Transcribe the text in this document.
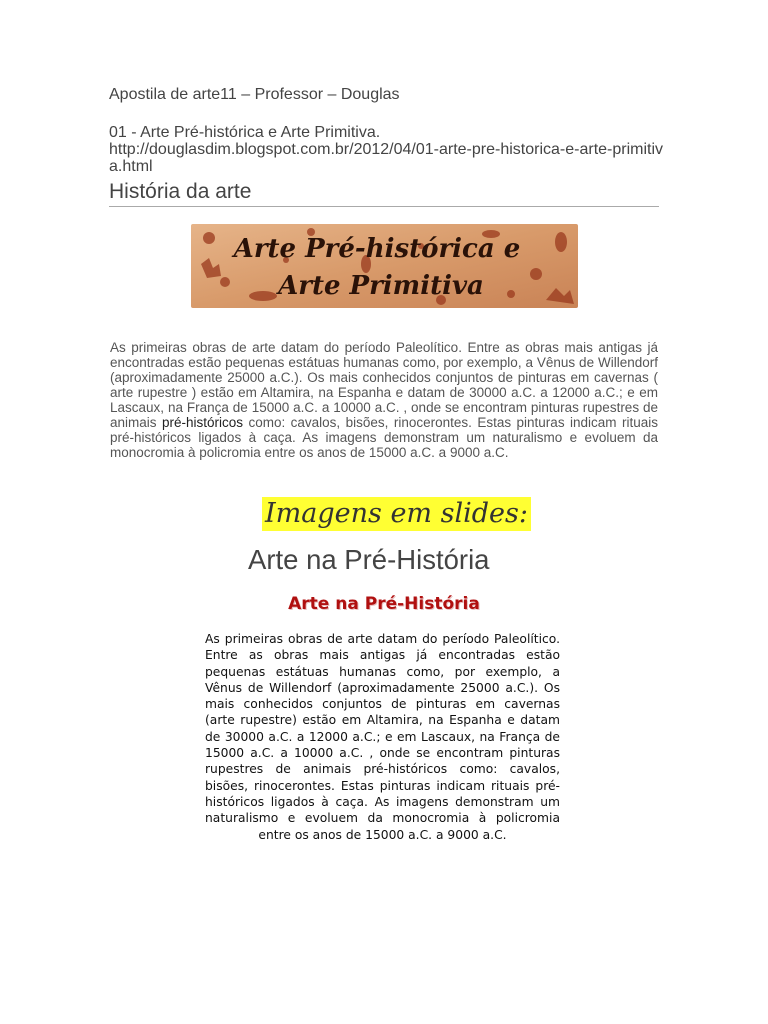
Apostila de arte11 – Professor – Douglas
01 - Arte Pré-histórica e Arte Primitiva.
http://douglasdim.blogspot.com.br/2012/04/01-arte-pre-historica-e-arte-primitiva.html
História da arte
Arte Pré-histórica e
Arte Primitiva
As primeiras obras de arte datam do período Paleolítico. Entre as obras mais antigas já encontradas estão pequenas estátuas humanas como, por exemplo, a Vênus de Willendorf (aproximadamente 25000 a.C.). Os mais conhecidos conjuntos de pinturas em cavernas ( arte rupestre ) estão em Altamira, na Espanha e datam de 30000 a.C. a 12000 a.C.; e em Lascaux, na França de 15000 a.C. a 10000 a.C. , onde se encontram pinturas rupestres de animais pré-históricos como: cavalos, bisões, rinocerontes. Estas pinturas indicam rituais pré-históricos ligados à caça. As imagens demonstram um naturalismo e evoluem da monocromia à policromia entre os anos de 15000 a.C. a 9000 a.C.
Imagens em slides:
Arte na Pré-História
Arte na Pré-História
As primeiras obras de arte datam do período Paleolítico. Entre as obras mais antigas já encontradas estão pequenas estátuas humanas como, por exemplo, a Vênus de Willendorf (aproximadamente 25000 a.C.). Os mais conhecidos conjuntos de pinturas em cavernas (arte rupestre) estão em Altamira, na Espanha e datam de 30000 a.C. a 12000 a.C.; e em Lascaux, na França de 15000 a.C. a 10000 a.C. , onde se encontram pinturas rupestres de animais pré-históricos como: cavalos, bisões, rinocerontes. Estas pinturas indicam rituais pré-históricos ligados à caça. As imagens demonstram um naturalismo e evoluem da monocromia à policromia entre os anos de 15000 a.C. a 9000 a.C.
